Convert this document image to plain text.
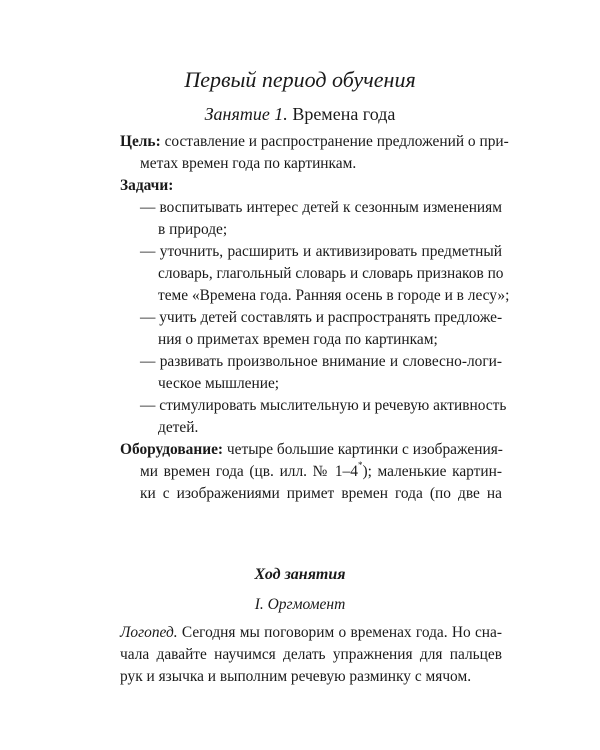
Первый период обучения
Занятие 1. Времена года
Цель: составление и распространение предложений о при-
метах времен года по картинкам.
Задачи:
— воспитывать интерес детей к сезонным изменениям
в природе;
— уточнить, расширить и активизировать предметный
словарь, глагольный словарь и словарь признаков по
теме «Времена года. Ранняя осень в городе и в лесу»;
— учить детей составлять и распространять предложе-
ния о приметах времен года по картинкам;
— развивать произвольное внимание и словесно-логи-
ческое мышление;
— стимулировать мыслительную и речевую активность
детей.
Оборудование: четыре большие картинки с изображения-
ми времен года (цв. илл. № 1–4*); маленькие картин-
ки с изображениями примет времен года (по две на
Ход занятия
I. Оргмомент
Логопед. Сегодня мы поговорим о временах года. Но сна-
чала давайте научимся делать упражнения для пальцев
рук и язычка и выполним речевую разминку с мячом.
